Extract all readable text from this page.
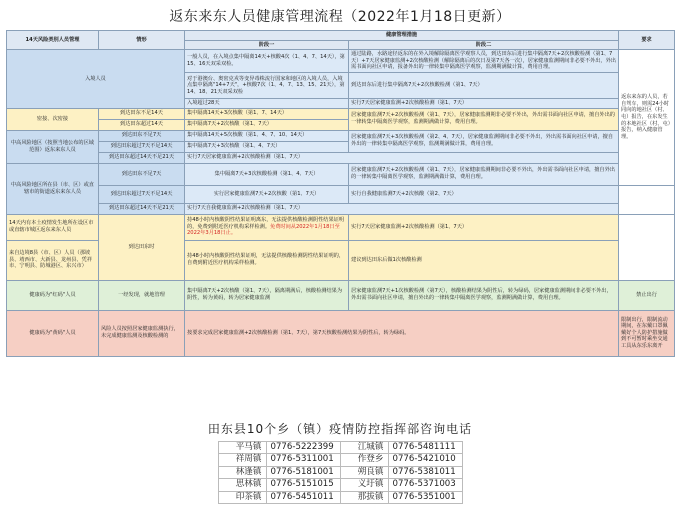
返东来东人员健康管理流程（2022年1月18日更新）
14天风险类别人员管理	情形	健康管理措施		要求	
		阶段一	阶段二		
入境人员		一般人员，在入境点集中隔离14天+核酸4次（1、4、7、14天），第15、16天双采双检。	通过陆路，水路途径返东的在外入境解除隔离医学观察人员，到达田东后进行集中隔离7天+2次核酸检测（第1、7天）+7天居家健康监测+2次核酸检测（解除隔离后的次日及第7天各一次），居家健康监测期间非必要不外出，外出需书面向社区申请，报备外出的一律转集中隔离医学观察，监测期满做计算，费用自理。	返东来东的人员，若自驾车，则需24小时同向的地社区（村、屯）报告，在东发生的本地社区（村、屯）报告，纳入健康管理。	
		对于港澳台、奥密克戎等变异毒株流行国家和地区的入境人员，入境点集中隔离"14+7天"，+核酸7次（1、4、7、13、15、21天），第14、18、21天双采双检	到达田东后进行集中隔离7天+2次核酸检测（第1、7天）		
		入境超过28天	实行7天居家健康监测+2次核酸检测（第1、7天）		
密接、次密接	到达田东不足14天	集中隔离14天+3次核酸（第1、7、14天）	居家健康监测7天+2次核酸检测（第1、7天），居家健康监测期非必要不外出，外出需书面向社区申请，擅自外出的一律转集中隔离医学观察，监测期满做计算，费用自理。		
	到达田东超过14天	集中隔离7天+2次核酸（第1、7天）			
中高风险地区（按照当地公布的区域范围）返东来东人员	到达田东不足7天	集中隔离14天+5次核酸（第1、4、7、10、14天）	居家健康监测7天+3次核酸检测（第2、4、7天），居家健康监测期间非必要不外出，外出需书面向社区申请，擅自外出的一律转集中隔离医学观察，监测期满做计算，费用自理。		
	到达田东超过7天不足14天	集中隔离7天+3次核酸（第1、4、7天）			
	到达田东超过14天不足21天	实行7天居家健康监测+2次核酸检测（第1、7天）			
中高风险地区所在县（市、区）或直辖市的街道返东来东人员	到达田东不足7天	集中隔离7天+3次核酸检测（第1、4、7天）	居家健康监测7天+2次核酸检测（第1、7天），居家健康监测期间非必要不外出，外出需书面向社区申请，擅自外出的一律转集中隔离医学观察，监测期满做计算，费用自理。		
	到达田东超过7天不足14天	实行居家健康监测7天+2次核酸（第1、7天）	实行自我健康监测7天+2次核酸（第2、7天）		
	到达田东超过14天不足21天	实行7天自我健康监测+2次核酸检测（第1、7天）			
14天内有本土疫情发生地所在设区市或直辖市城区返东来东人员	到达田东时	持48小时内核酸阴性结果证明离东，无法提供核酸检测阴性结果证明的，免费到附近医疗机构采样检测。免费时间从2022年1月18日至2022年3月18日止。	实行7天居家健康监测+2次核酸检测（第1、7天）		
来自边境8县（市、区）人员（那坡县、靖西市、大新县、龙州县、凭祥市、宁明县、防城港区、东兴市）		持48小时内核酸阴性结果证明，无法提供核酸检测阴性结果证明的，自费到附近医疗机构采样检测。	建议到达田东后做1次核酸检测		
健康码为"红码"人员	一经发现，就地管理	集中隔离7天+2次核酸（第1、7天），隔离期满后，核酸检测结果为阴性，转为黄码，转为居家健康监测	居家健康监测7天+1次核酸检测（第7天），核酸检测结果为阴性后，转为绿码，居家健康监测期间非必要不外出，外出需书面向社区申请，擅自外出的一律转集中隔离医学观察，监测期满做计算，费用自理。	禁止出行	
健康码为"黄码"人员	风险人员按照居家健康监测执行，未完成健康监测及核酸检测的	按要求完成居家健康监测+2次核酸检测（第1、7天），第7天核酸检测结果为阴性后，转为绿码。		限制出行，限制流动期间，在东戴口罩佩戴好个人防护措施做到不可暂时乘坐交通工具从东乐东离开	
田东县10个乡（镇）疫情防控指挥部咨询电话
平马镇	0776-5222399	江城镇	0776-5481111
祥周镇	0776-5311001	作登乡	0776-5421010
林逢镇	0776-5181001	朔良镇	0776-5381011
思林镇	0776-5151015	义圩镇	0776-5371003
印茶镇	0776-5451011	那拔镇	0776-5351001
